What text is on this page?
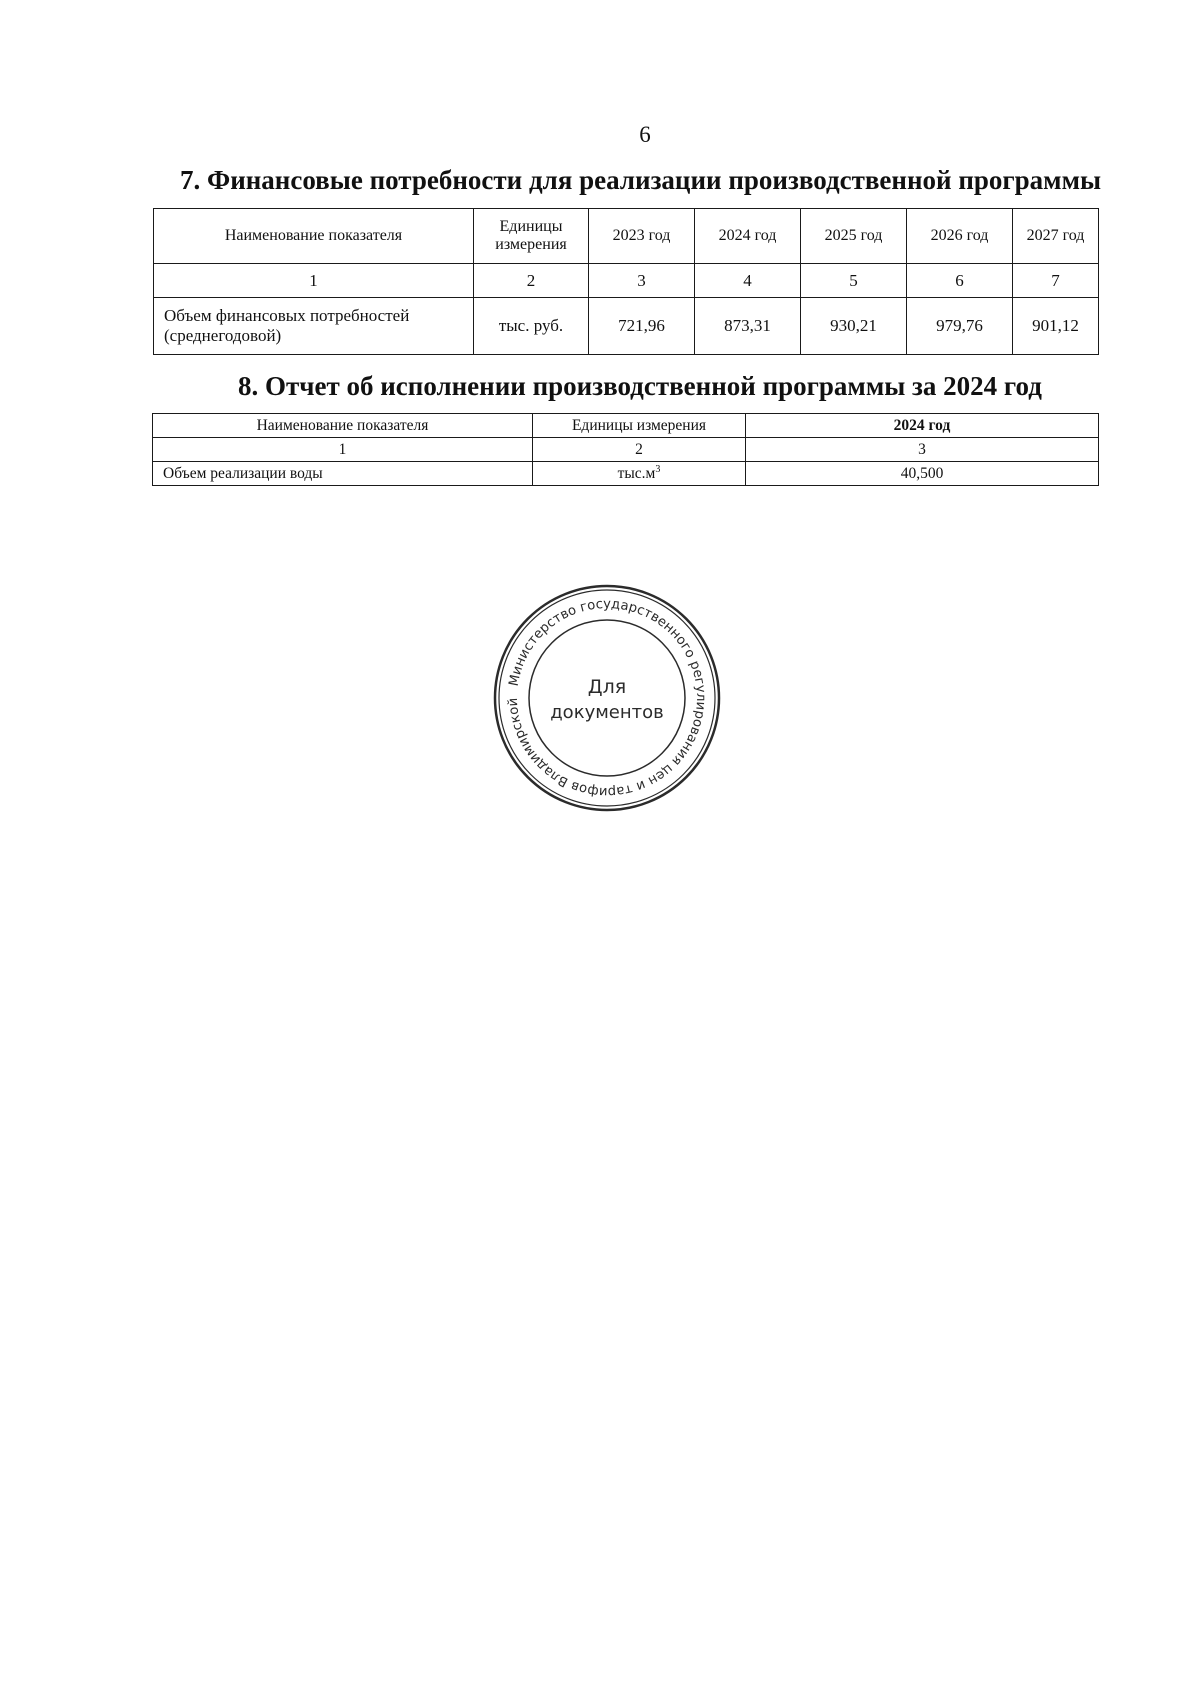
6
7. Финансовые потребности для реализации производственной программы
Наименование показателя	Единицы измерения	2023 год	2024 год	2025 год	2026 год	2027 год
1	2	3	4	5	6	7
Объем финансовых потребностей (среднегодовой)	тыс. руб.	721,96	873,31	930,21	979,76	901,12
8. Отчет об исполнении производственной программы за 2024 год
Наименование показателя	Единицы измерения	2024 год
1	2	3
Объем реализации воды	$тыс.м^3$	40,500
Министерство государственного регулирования цен и тарифов Владимирской
Для
документов
